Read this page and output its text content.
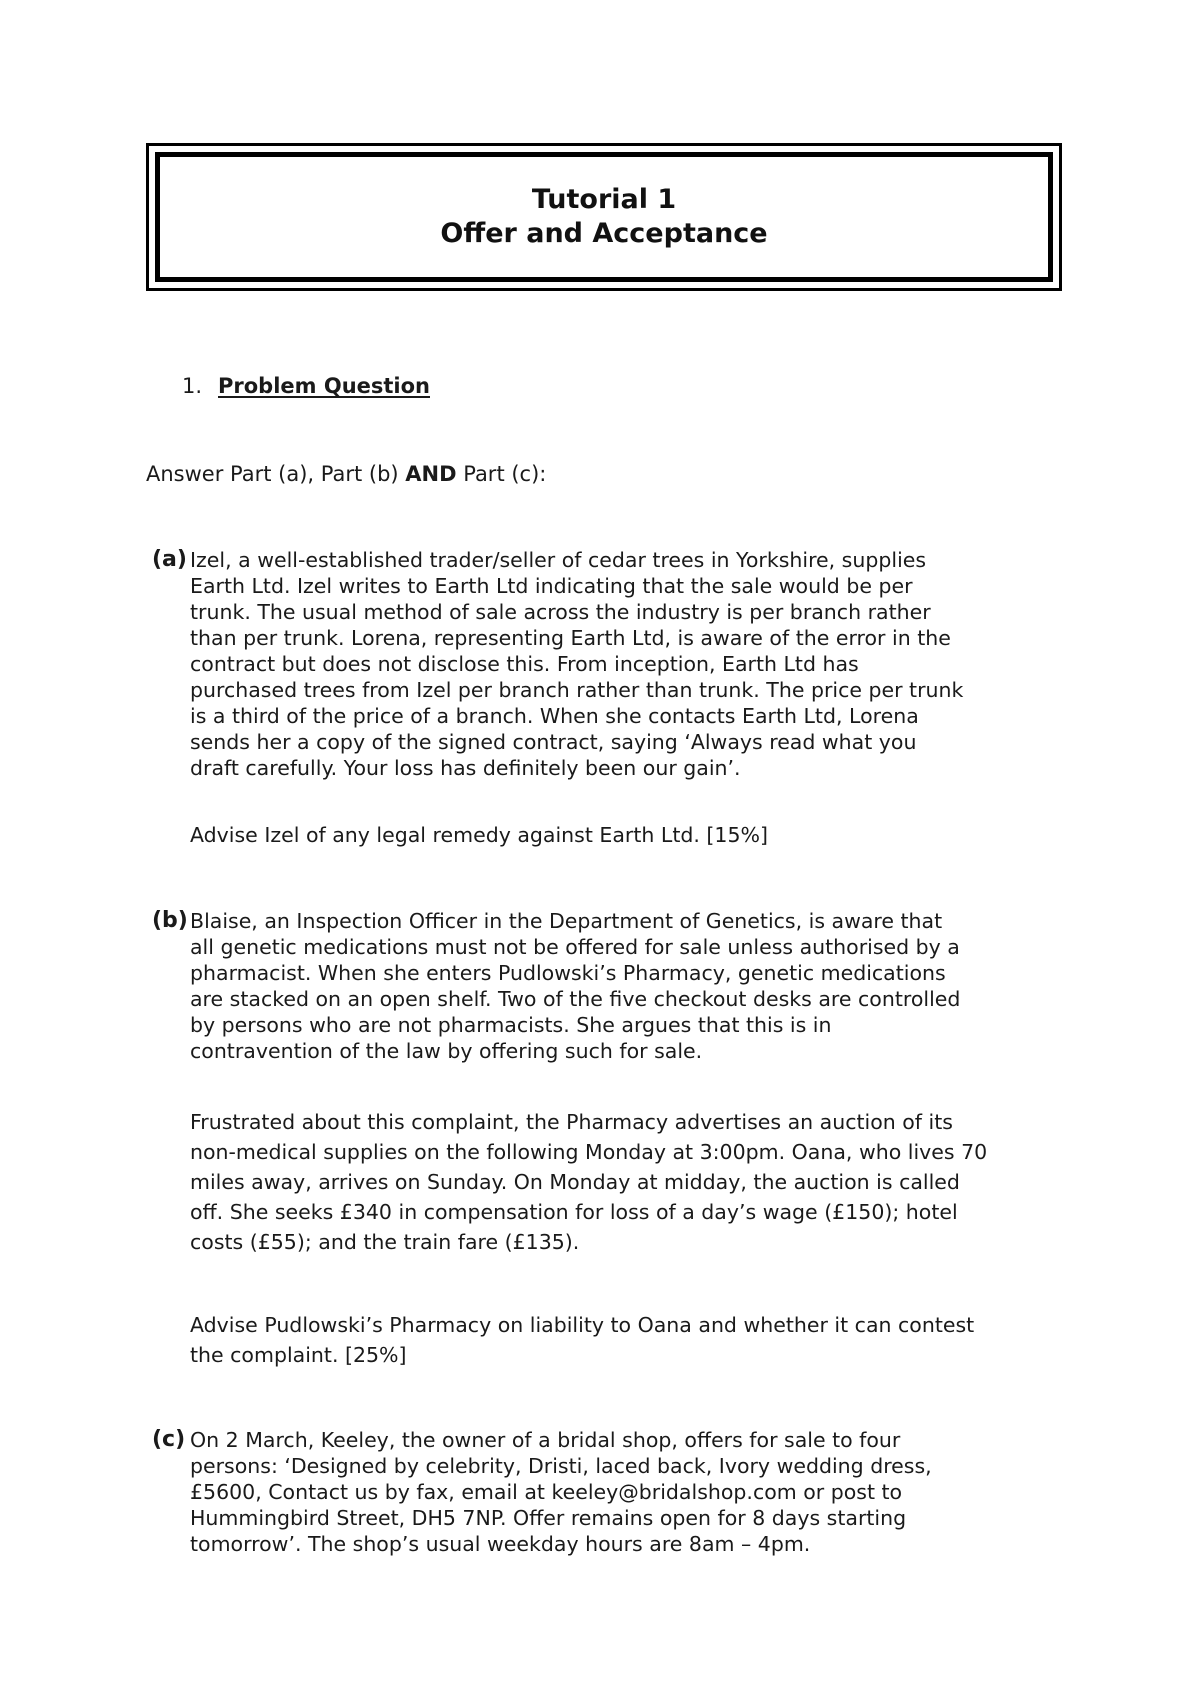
Tutorial 1
Offer and Acceptance
1. Problem Question
Answer Part (a), Part (b) AND Part (c):
(a) Izel, a well-established trader/seller of cedar trees in Yorkshire, supplies

Earth Ltd. Izel writes to Earth Ltd indicating that the sale would be per

trunk. The usual method of sale across the industry is per branch rather

than per trunk. Lorena, representing Earth Ltd, is aware of the error in the

contract but does not disclose this. From inception, Earth Ltd has

purchased trees from Izel per branch rather than trunk. The price per trunk

is a third of the price of a branch. When she contacts Earth Ltd, Lorena

sends her a copy of the signed contract, saying ‘Always read what you

draft carefully. Your loss has definitely been our gain’.

Advise Izel of any legal remedy against Earth Ltd. [15%]

(b) Blaise, an Inspection Officer in the Department of Genetics, is aware that

all genetic medications must not be offered for sale unless authorised by a

pharmacist. When she enters Pudlowski’s Pharmacy, genetic medications

are stacked on an open shelf. Two of the five checkout desks are controlled

by persons who are not pharmacists. She argues that this is in

contravention of the law by offering such for sale.

Frustrated about this complaint, the Pharmacy advertises an auction of its

non-medical supplies on the following Monday at 3:00pm. Oana, who lives 70

miles away, arrives on Sunday. On Monday at midday, the auction is called

off. She seeks £340 in compensation for loss of a day’s wage (£150); hotel

costs (£55); and the train fare (£135).

Advise Pudlowski’s Pharmacy on liability to Oana and whether it can contest

the complaint. [25%]

(c) On 2 March, Keeley, the owner of a bridal shop, offers for sale to four

persons: ‘Designed by celebrity, Dristi, laced back, Ivory wedding dress,

£5600, Contact us by fax, email at keeley@bridalshop.com or post to

Hummingbird Street, DH5 7NP. Offer remains open for 8 days starting

tomorrow’. The shop’s usual weekday hours are 8am – 4pm.
